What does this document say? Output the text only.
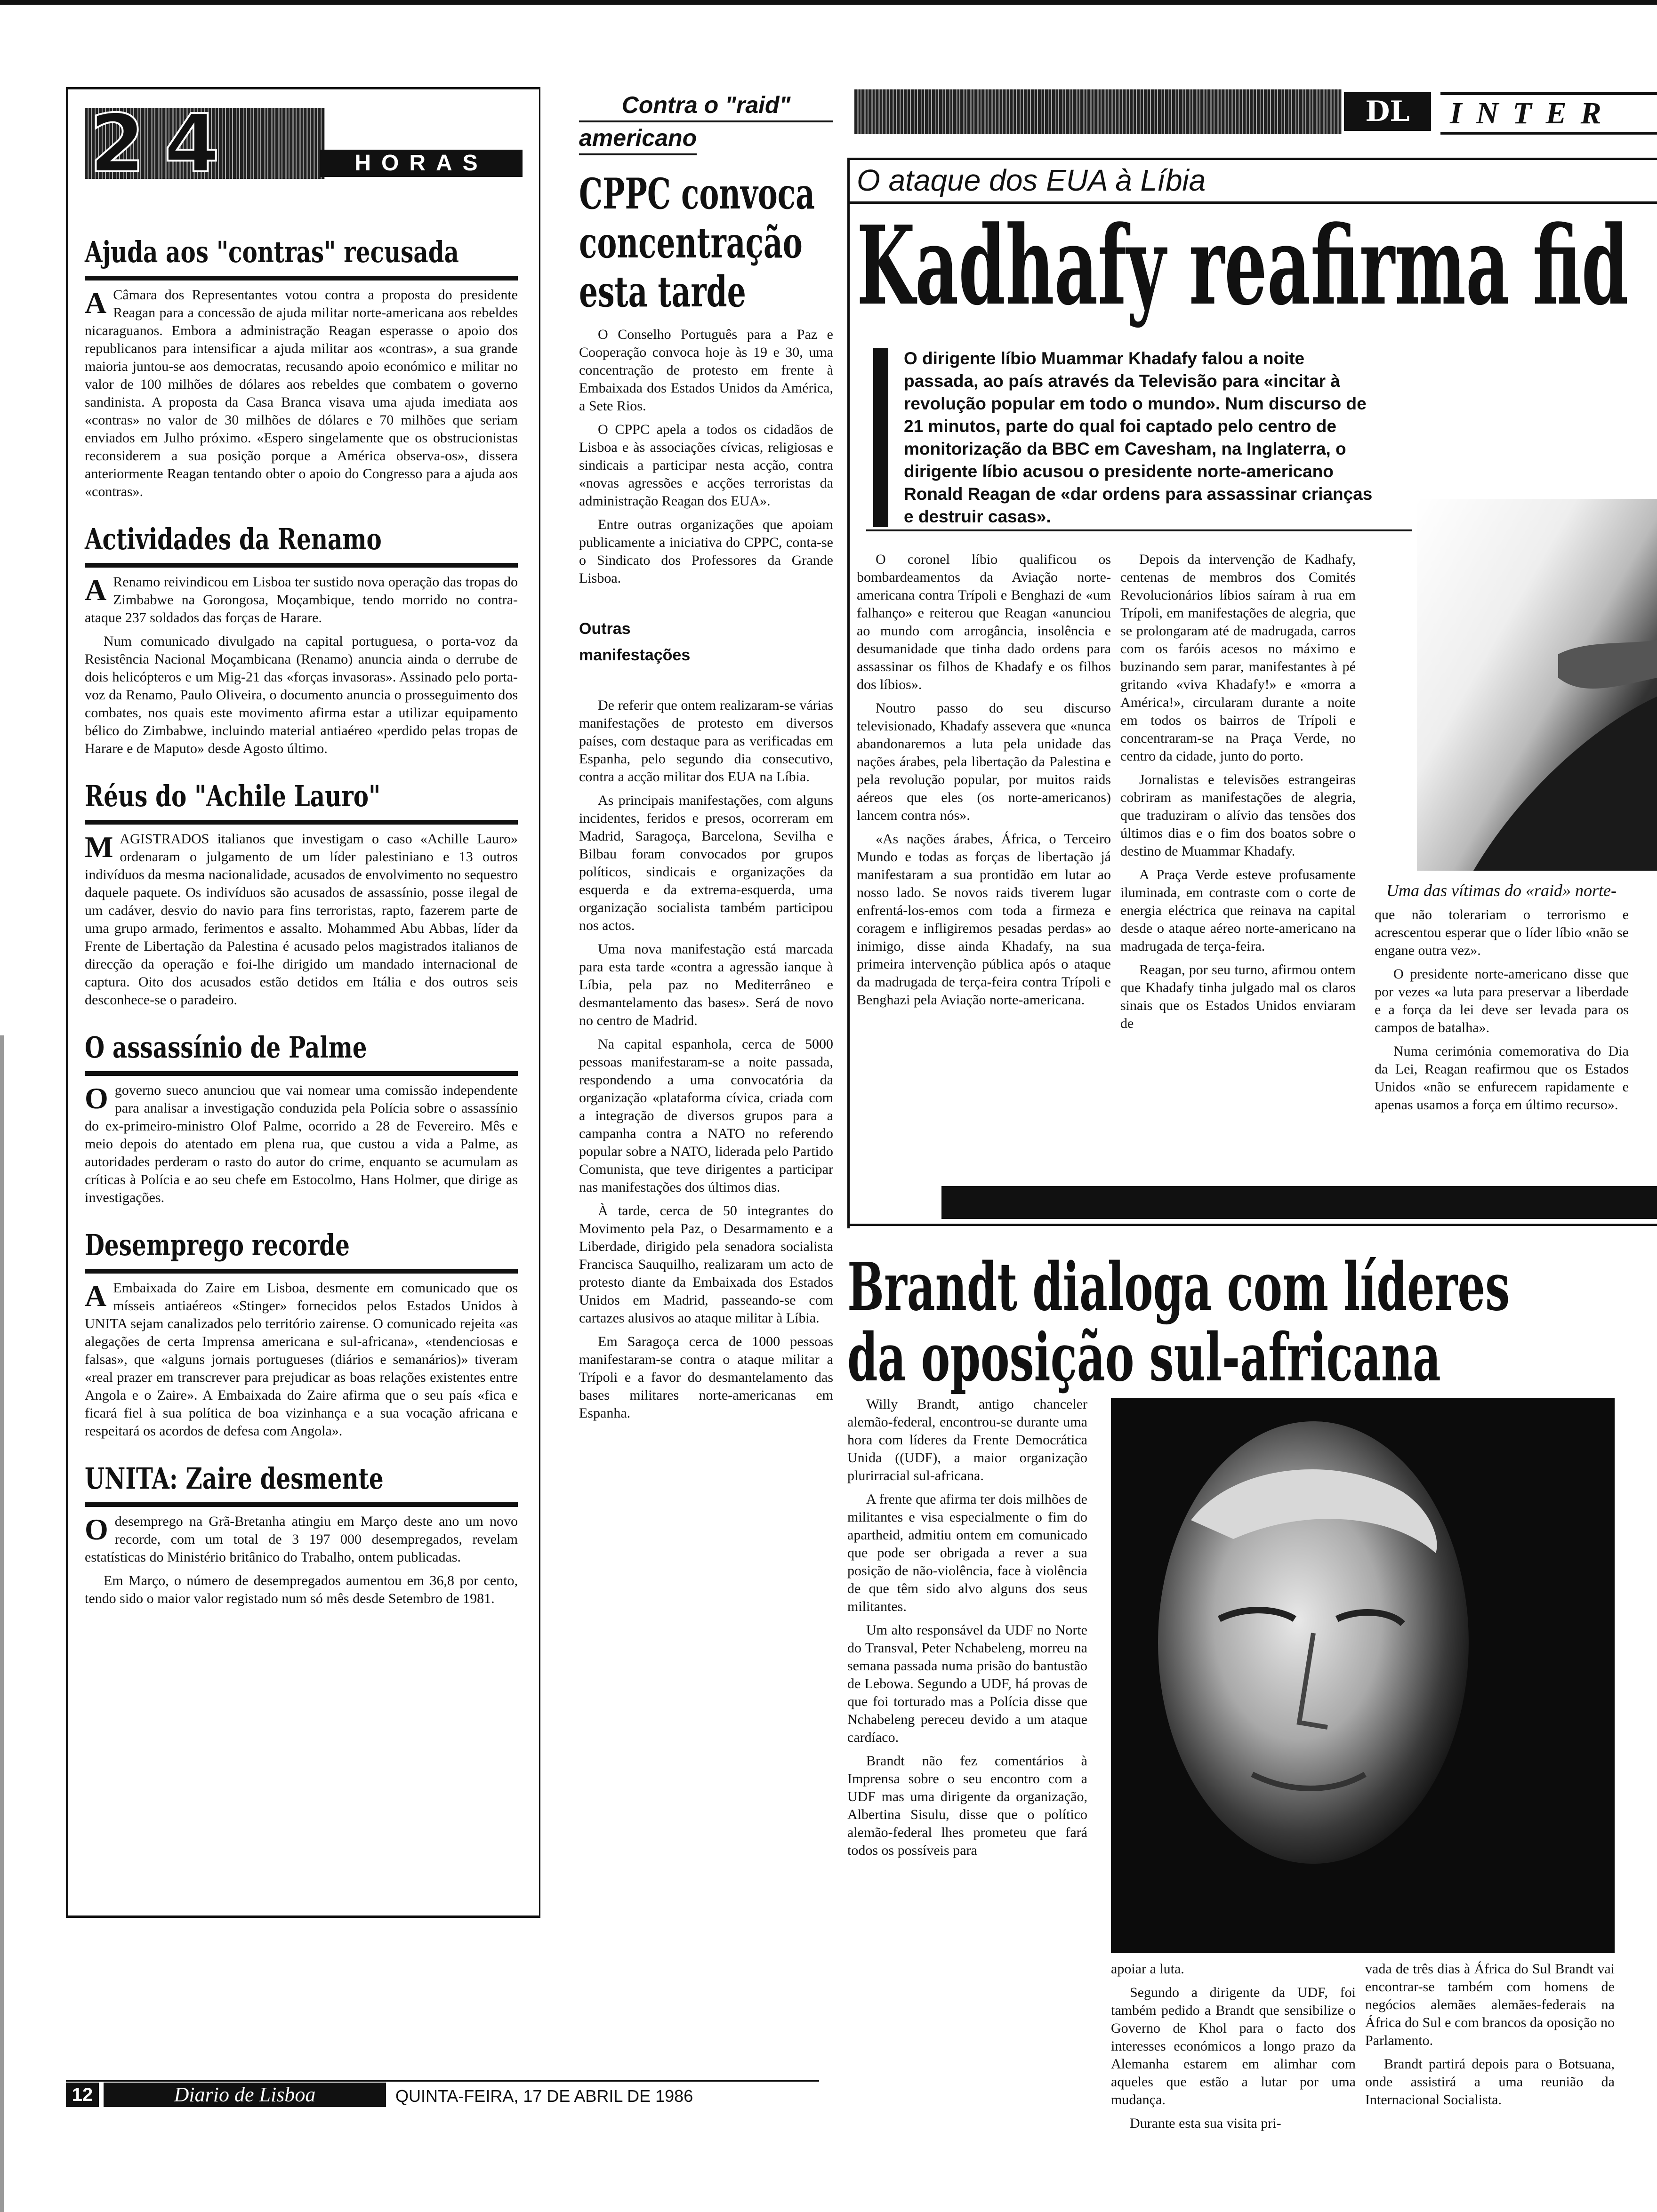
24	HORAS
Ajuda aos "contras" recusada
A Câmara dos Representantes votou contra a proposta do presidente Reagan para a concessão de ajuda militar norte-americana aos rebeldes nicaraguanos. Embora a administração Reagan esperasse o apoio dos republicanos para intensificar a ajuda militar aos «contras», a sua grande maioria juntou-se aos democratas, recusando apoio económico e militar no valor de 100 milhões de dólares aos rebeldes que combatem o governo sandinista. A proposta da Casa Branca visava uma ajuda imediata aos «contras» no valor de 30 milhões de dólares e 70 milhões que seriam enviados em Julho próximo. «Espero singelamente que os obstrucionistas reconsiderem a sua posição porque a América observa-os», dissera anteriormente Reagan tentando obter o apoio do Congresso para a ajuda aos «contras».

Actividades da Renamo
A Renamo reivindicou em Lisboa ter sustido nova operação das tropas do Zimbabwe na Gorongosa, Moçambique, tendo morrido no contra-ataque 237 soldados das forças de Harare.

Num comunicado divulgado na capital portuguesa, o porta-voz da Resistência Nacional Moçambicana (Renamo) anuncia ainda o derrube de dois helicópteros e um Mig-21 das «forças invasoras». Assinado pelo porta-voz da Renamo, Paulo Oliveira, o documento anuncia o prosseguimento dos combates, nos quais este movimento afirma estar a utilizar equipamento bélico do Zimbabwe, incluindo material antiaéreo «perdido pelas tropas de Harare e de Maputo» desde Agosto último.

Réus do "Achile Lauro"
M AGISTRADOS italianos que investigam o caso «Achille Lauro» ordenaram o julgamento de um líder palestiniano e 13 outros indivíduos da mesma nacionalidade, acusados de envolvimento no sequestro daquele paquete. Os indivíduos são acusados de assassínio, posse ilegal de um cadáver, desvio do navio para fins terroristas, rapto, fazerem parte de uma grupo armado, ferimentos e assalto. Mohammed Abu Abbas, líder da Frente de Libertação da Palestina é acusado pelos magistrados italianos de direcção da operação e foi-lhe dirigido um mandado internacional de captura. Oito dos acusados estão detidos em Itália e dos outros seis desconhece-se o paradeiro.

O assassínio de Palme
O governo sueco anunciou que vai nomear uma comissão independente para analisar a investigação conduzida pela Polícia sobre o assassínio do ex-primeiro-ministro Olof Palme, ocorrido a 28 de Fevereiro. Mês e meio depois do atentado em plena rua, que custou a vida a Palme, as autoridades perderam o rasto do autor do crime, enquanto se acumulam as críticas à Polícia e ao seu chefe em Estocolmo, Hans Holmer, que dirige as investigações.

Desemprego recorde
A Embaixada do Zaire em Lisboa, desmente em comunicado que os mísseis antiaéreos «Stinger» fornecidos pelos Estados Unidos à UNITA sejam canalizados pelo território zairense. O comunicado rejeita «as alegações de certa Imprensa americana e sul-africana», «tendenciosas e falsas», que «alguns jornais portugueses (diários e semanários)» tiveram «real prazer em transcrever para prejudicar as boas relações existentes entre Angola e o Zaire». A Embaixada do Zaire afirma que o seu país «fica e ficará fiel à sua política de boa vizinhança e a sua vocação africana e respeitará os acordos de defesa com Angola».

UNITA: Zaire desmente
O desemprego na Grã-Bretanha atingiu em Março deste ano um novo recorde, com um total de 3 197 000 desempregados, revelam estatísticas do Ministério britânico do Trabalho, ontem publicadas.

Em Março, o número de desempregados aumentou em 36,8 por cento, tendo sido o maior valor registado num só mês desde Setembro de 1981.

Contra o "raid"
americano
CPPC convoca concentração esta tarde

O Conselho Português para a Paz e Cooperação convoca hoje às 19 e 30, uma concentração de protesto em frente à Embaixada dos Estados Unidos da América, a Sete Rios.

O CPPC apela a todos os cidadãos de Lisboa e às associações cívicas, religiosas e sindicais a participar nesta acção, contra «novas agressões e acções terroristas da administração Reagan dos EUA».

Entre outras organizações que apoiam publicamente a iniciativa do CPPC, conta-se o Sindicato dos Professores da Grande Lisboa.

Outras manifestações

De referir que ontem realizaram-se várias manifestações de protesto em diversos países, com destaque para as verificadas em Espanha, pelo segundo dia consecutivo, contra a acção militar dos EUA na Líbia.

As principais manifestações, com alguns incidentes, feridos e presos, ocorreram em Madrid, Saragoça, Barcelona, Sevilha e Bilbau foram convocados por grupos políticos, sindicais e organizações da esquerda e da extrema-esquerda, uma organização socialista também participou nos actos.

Uma nova manifestação está marcada para esta tarde «contra a agressão ianque à Líbia, pela paz no Mediterrâneo e desmantelamento das bases». Será de novo no centro de Madrid.

Na capital espanhola, cerca de 5000 pessoas manifestaram-se a noite passada, respondendo a uma convocatória da organização «plataforma cívica, criada com a integração de diversos grupos para a campanha contra a NATO no referendo popular sobre a NATO, liderada pelo Partido Comunista, que teve dirigentes a participar nas manifestações dos últimos dias.

À tarde, cerca de 50 integrantes do Movimento pela Paz, o Desarmamento e a Liberdade, dirigido pela senadora socialista Francisca Sauquilho, realizaram um acto de protesto diante da Embaixada dos Estados Unidos em Madrid, passeando-se com cartazes alusivos ao ataque militar à Líbia.

Em Saragoça cerca de 1000 pessoas manifestaram-se contra o ataque militar a Trípoli e a favor do desmantelamento das bases militares norte-americanas em Espanha.

DL	INTER
O ataque dos EUA à Líbia
Kadhafy reafirma fid
O dirigente líbio Muammar Khadafy falou a noite passada, ao país através da Televisão para «incitar à revolução popular em todo o mundo». Num discurso de 21 minutos, parte do qual foi captado pelo centro de monitorização da BBC em Cavesham, na Inglaterra, o dirigente líbio acusou o presidente norte-americano Ronald Reagan de «dar ordens para assassinar crianças e destruir casas».

O coronel líbio qualificou os bombardeamentos da Aviação norte-americana contra Trípoli e Benghazi de «um falhanço» e reiterou que Reagan «anunciou ao mundo com arrogância, insolência e desumanidade que tinha dado ordens para assassinar os filhos de Khadafy e os filhos dos líbios».

Noutro passo do seu discurso televisionado, Khadafy assevera que «nunca abandonaremos a luta pela unidade das nações árabes, pela libertação da Palestina e pela revolução popular, por muitos raids aéreos que eles (os norte-americanos) lancem contra nós».

«As nações árabes, África, o Terceiro Mundo e todas as forças de libertação já manifestaram a sua prontidão em lutar ao nosso lado. Se novos raids tiverem lugar enfrentá-los-emos com toda a firmeza e coragem e infligiremos pesadas perdas» ao inimigo, disse ainda Khadafy, na sua primeira intervenção pública após o ataque da madrugada de terça-feira contra Trípoli e Benghazi pela Aviação norte-americana.

Depois da intervenção de Kadhafy, centenas de membros dos Comités Revolucionários líbios saíram à rua em Trípoli, em manifestações de alegria, que se prolongaram até de madrugada, carros com os faróis acesos no máximo e buzinando sem parar, manifestantes à pé gritando «viva Khadafy!» e «morra a América!», circularam durante a noite em todos os bairros de Trípoli e concentraram-se na Praça Verde, no centro da cidade, junto do porto.

Jornalistas e televisões estrangeiras cobriram as manifestações de alegria, que traduziram o alívio das tensões dos últimos dias e o fim dos boatos sobre o destino de Muammar Khadafy.

A Praça Verde esteve profusamente iluminada, em contraste com o corte de energia eléctrica que reinava na capital desde o ataque aéreo norte-americano na madrugada de terça-feira.

Reagan, por seu turno, afirmou ontem que Khadafy tinha julgado mal os claros sinais que os Estados Unidos enviaram de

Uma das vítimas do «raid» norte-

que não tolerariam o terrorismo e acrescentou esperar que o líder líbio «não se engane outra vez».

O presidente norte-americano disse que por vezes «a luta para preservar a liberdade e a força da lei deve ser levada para os campos de batalha».

Numa cerimónia comemorativa do Dia da Lei, Reagan reafirmou que os Estados Unidos «não se enfurecem rapidamente e apenas usamos a força em último recurso».

Brandt dialoga com líderes
da oposição sul-africana

Willy Brandt, antigo chanceler alemão-federal, encontrou-se durante uma hora com líderes da Frente Democrática Unida ((UDF), a maior organização plurirracial sul-africana.

A frente que afirma ter dois milhões de militantes e visa especialmente o fim do apartheid, admitiu ontem em comunicado que pode ser obrigada a rever a sua posição de não-violência, face à violência de que têm sido alvo alguns dos seus militantes.

Um alto responsável da UDF no Norte do Transval, Peter Nchabeleng, morreu na semana passada numa prisão do bantustão de Lebowa. Segundo a UDF, há provas de que foi torturado mas a Polícia disse que Nchabeleng pereceu devido a um ataque cardíaco.

Brandt não fez comentários à Imprensa sobre o seu encontro com a UDF mas uma dirigente da organização, Albertina Sisulu, disse que o político alemão-federal lhes prometeu que fará todos os possíveis para

apoiar a luta.

Segundo a dirigente da UDF, foi também pedido a Brandt que sensibilize o Governo de Khol para o facto dos interesses económicos a longo prazo da Alemanha estarem em alimhar com aqueles que estão a lutar por uma mudança.

Durante esta sua visita pri-

vada de três dias à África do Sul Brandt vai encontrar-se também com homens de negócios alemães alemães-federais na África do Sul e com brancos da oposição no Parlamento.

Brandt partirá depois para o Botsuana, onde assistirá a uma reunião da Internacional Socialista.

12	Diario de Lisboa	QUINTA-FEIRA, 17 DE ABRIL DE 1986
